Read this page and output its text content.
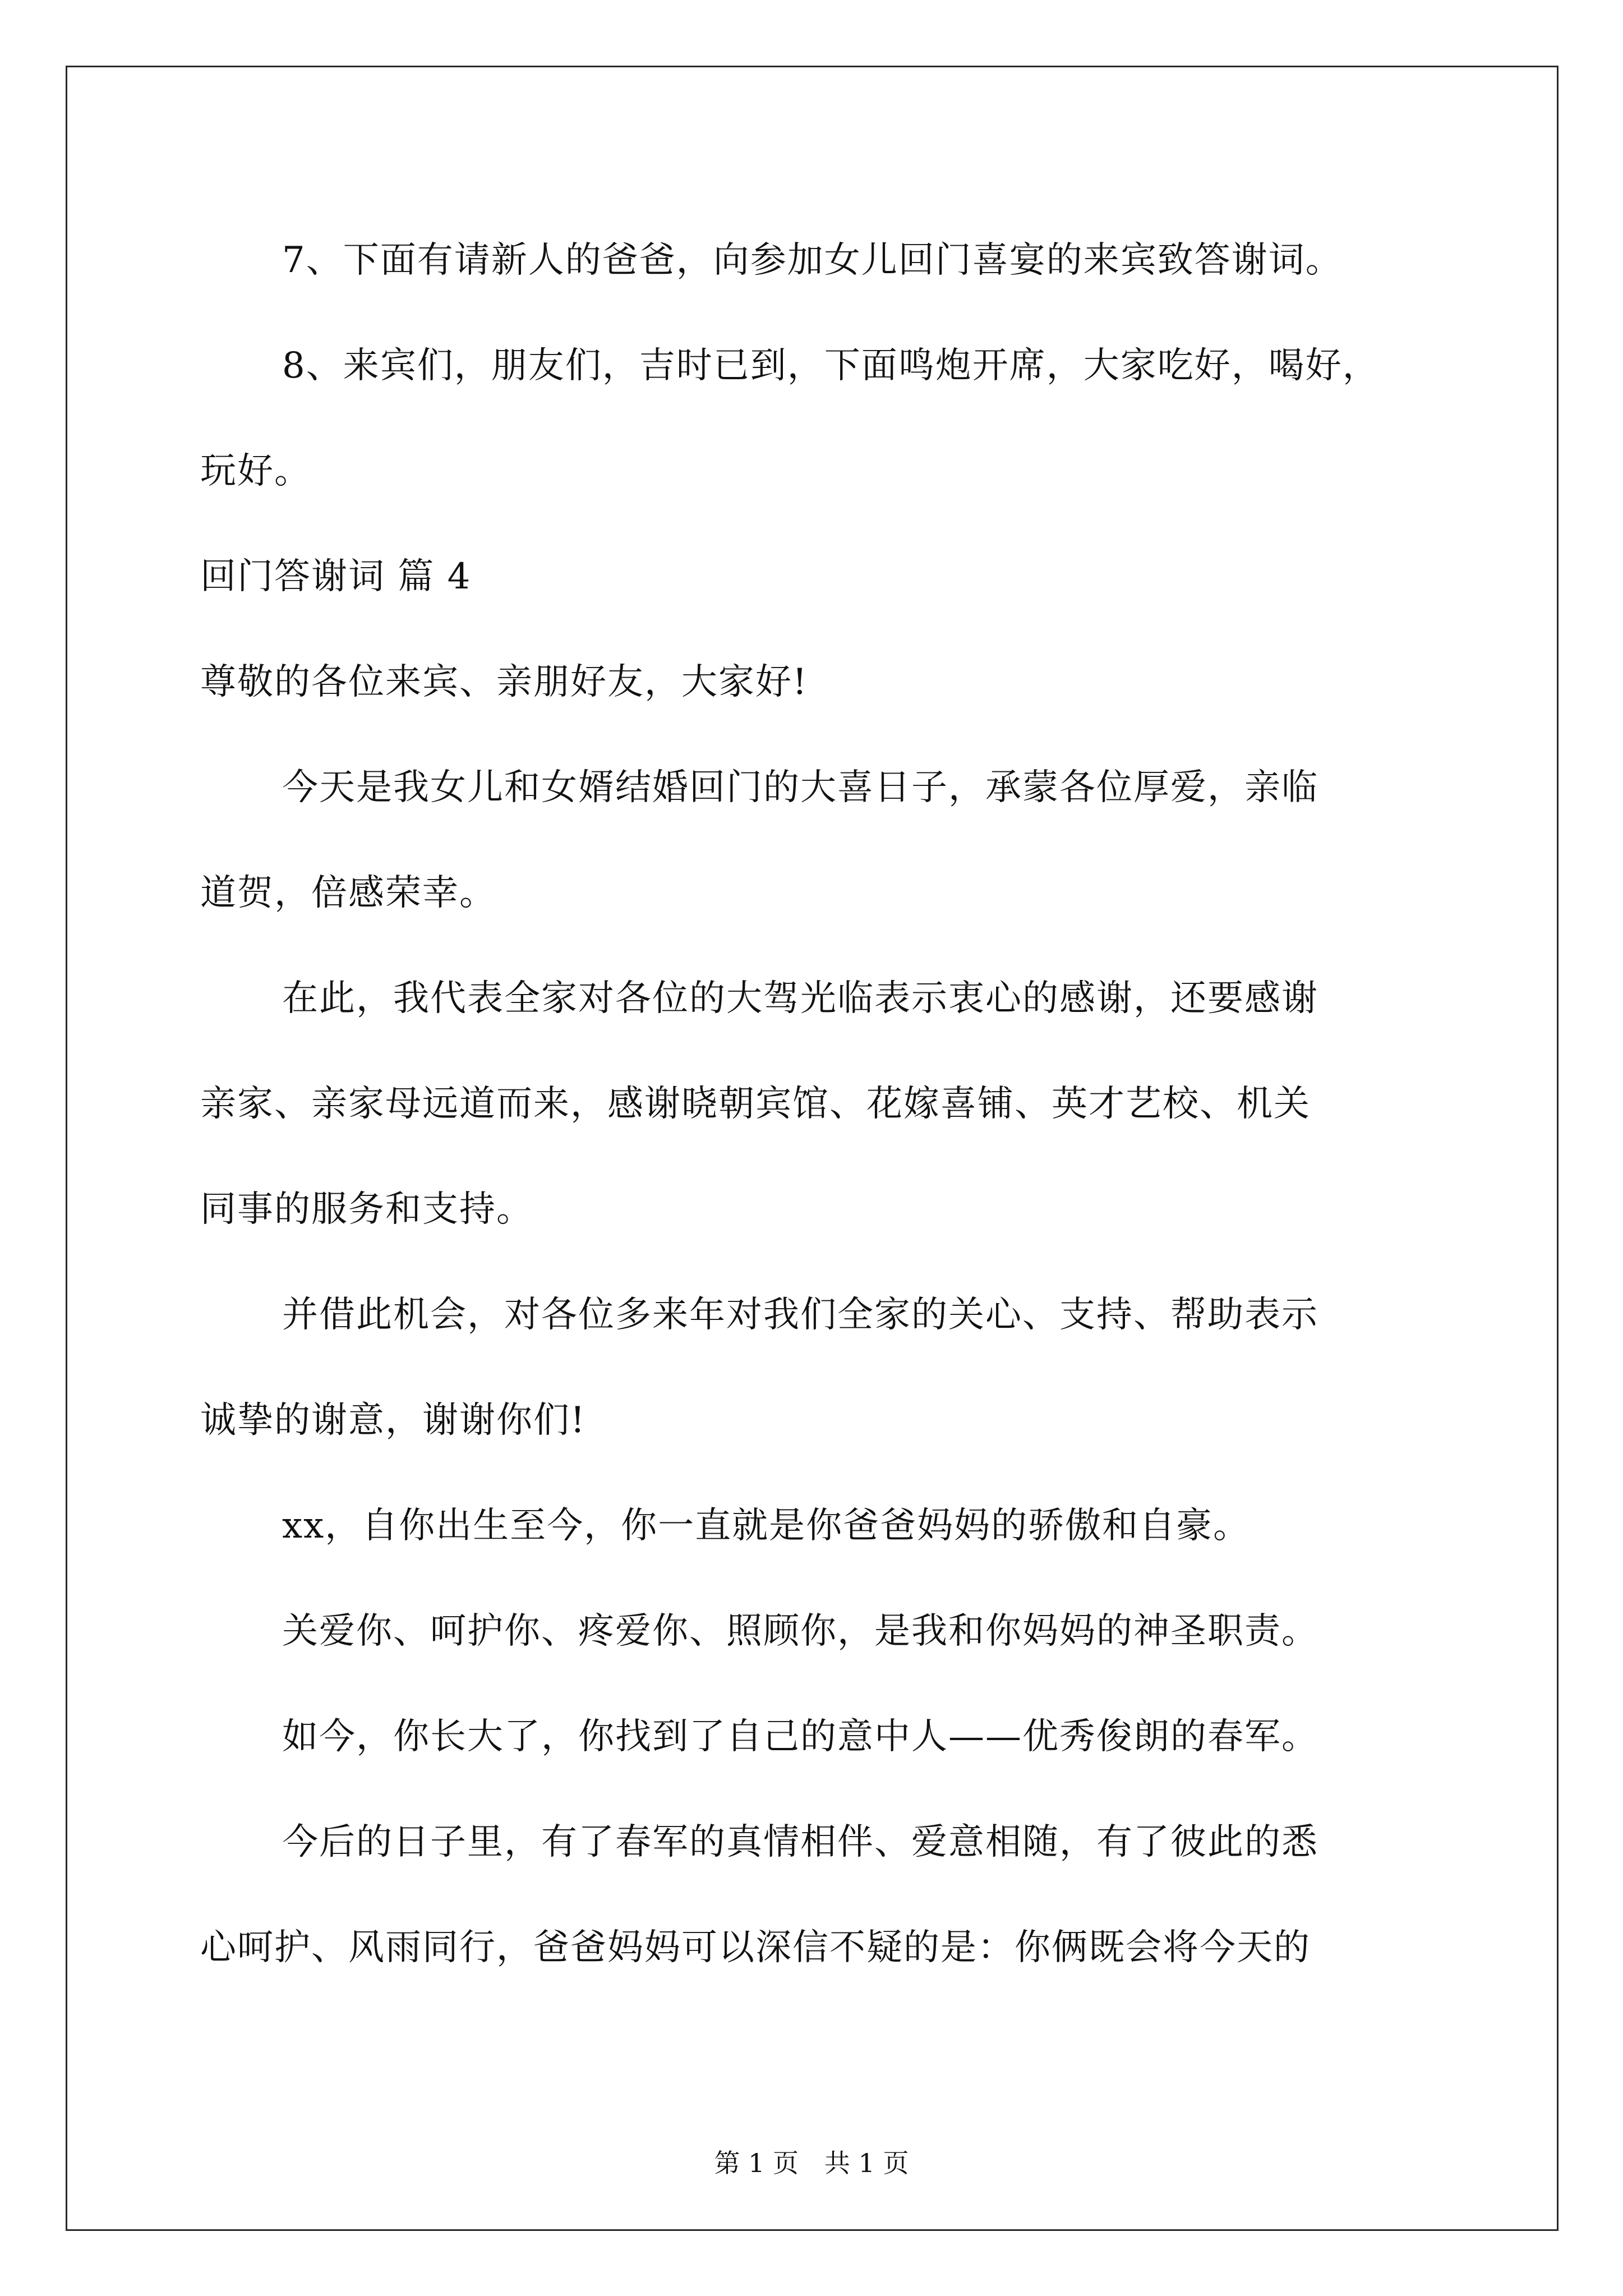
7、下面有请新人的爸爸，向参加女儿回门喜宴的来宾致答谢词。

8、来宾们，朋友们，吉时已到，下面鸣炮开席，大家吃好，喝好，

玩好。

回门答谢词 篇 4

尊敬的各位来宾、亲朋好友，大家好!

今天是我女儿和女婿结婚回门的大喜日子，承蒙各位厚爱，亲临

道贺，倍感荣幸。

在此，我代表全家对各位的大驾光临表示衷心的感谢，还要感谢

亲家、亲家母远道而来，感谢晓朝宾馆、花嫁喜铺、英才艺校、机关

同事的服务和支持。

并借此机会，对各位多来年对我们全家的关心、支持、帮助表示

诚挚的谢意，谢谢你们!

xx，自你出生至今，你一直就是你爸爸妈妈的骄傲和自豪。

关爱你、呵护你、疼爱你、照顾你，是我和你妈妈的神圣职责。

如今，你长大了，你找到了自己的意中人——优秀俊朗的春军。

今后的日子里，有了春军的真情相伴、爱意相随，有了彼此的悉

心呵护、风雨同行，爸爸妈妈可以深信不疑的是：你俩既会将今天的

第 1 页　共 1 页
